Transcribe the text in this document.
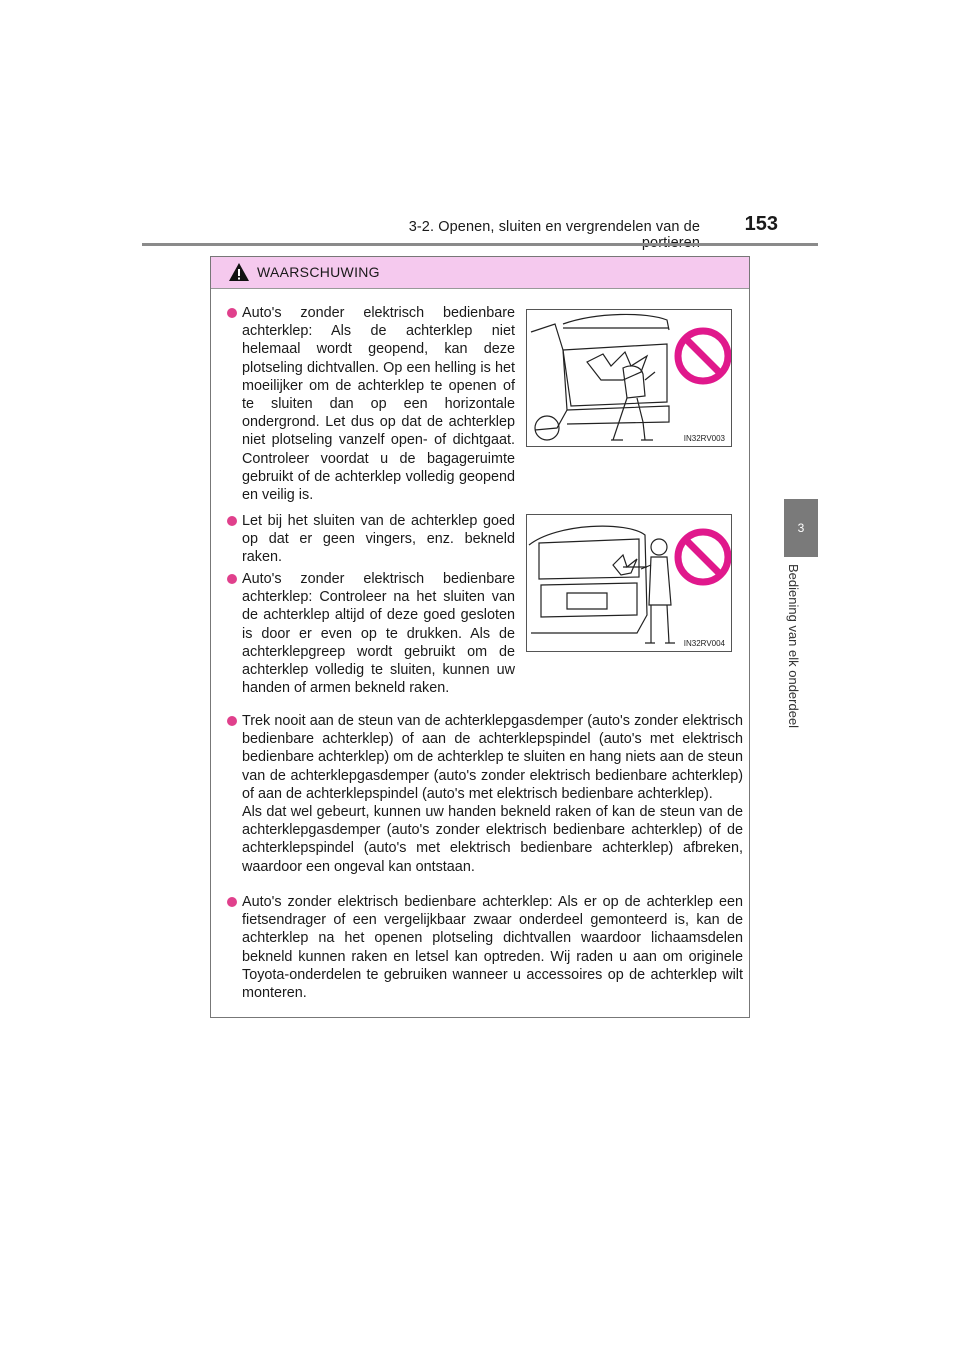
3-2. Openen, sluiten en vergrendelen van de	153
3
Bediening van elk onderdeel
WAARSCHUWING

Auto's zonder elektrisch bedienbare achterklep: Als de achterklep niet helemaal wordt geopend, kan deze plotseling dichtvallen. Op een helling is het moeilijker om de achterklep te openen of te sluiten dan op een horizontale ondergrond. Let dus op dat de achterklep niet plotseling vanzelf open- of dichtgaat. Controleer voordat u de bagageruimte gebruikt of de achterklep volledig geopend en veilig is.

Let bij het sluiten van de achterklep goed op dat er geen vingers, enz. bekneld raken.

Auto's zonder elektrisch bedienbare achterklep: Controleer na het sluiten van de achterklep altijd of deze goed gesloten is door er even op te drukken. Als de achterklepgreep wordt gebruikt om de achterklep volledig te sluiten, kunnen uw handen of armen bekneld raken.

Trek nooit aan de steun van de achterklepgasdemper (auto's zonder elektrisch bedienbare achterklep) of aan de achterklepspindel (auto's met elektrisch bedienbare achterklep) om de achterklep te sluiten en hang niets aan de steun van de achterklepgasdemper (auto's zonder elektrisch bedienbare achterklep) of aan de achterklepspindel (auto's met elektrisch bedienbare achterklep).

Als dat wel gebeurt, kunnen uw handen bekneld raken of kan de steun van de achterklepgasdemper (auto's zonder elektrisch bedienbare achterklep) of de achterklepspindel (auto's met elektrisch bedienbare achterklep) afbreken, waardoor een ongeval kan ontstaan.

Auto's zonder elektrisch bedienbare achterklep: Als er op de achterklep een fietsendrager of een vergelijkbaar zwaar onderdeel gemonteerd is, kan de achterklep na het openen plotseling dichtvallen waardoor lichaamsdelen bekneld kunnen raken en letsel kan optreden. Wij raden u aan om originele Toyota-onderdelen te gebruiken wanneer u accessoires op de achterklep wilt monteren.

IN32RV003
IN32RV004
